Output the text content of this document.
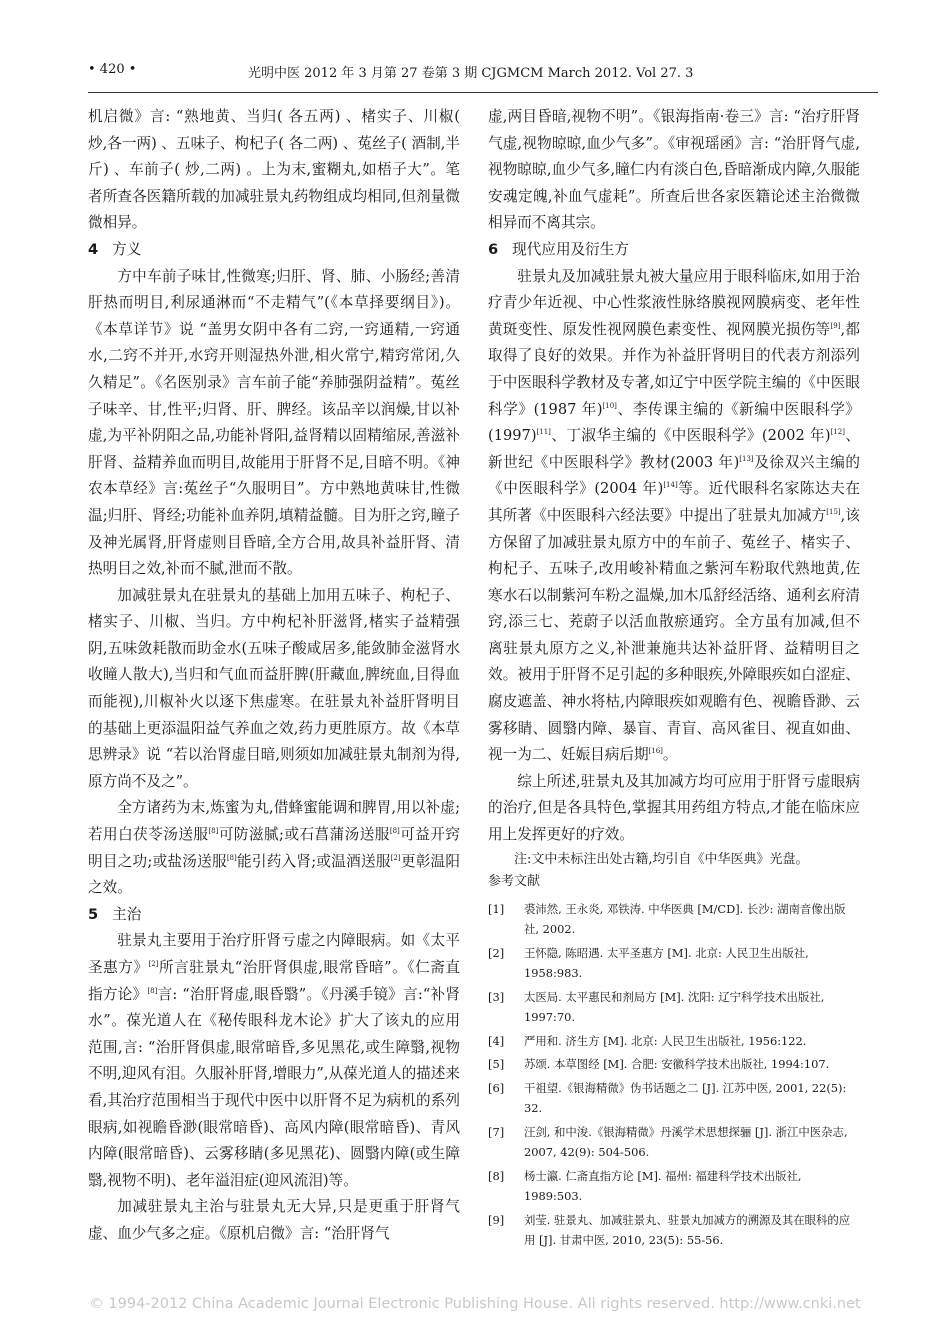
• 420 •	光明中医 2012 年 3 月第 27 卷第 3 期 CJGMCM March 2012. Vol 27. 3

机启微》言: “熟地黄、当归( 各五两) 、楮实子、川椒( 炒,各一两) 、五味子、枸杞子( 各二两) 、菟丝子( 酒制,半斤) 、车前子( 炒,二两) 。上为末,蜜糊丸,如梧子大”。笔者所查各医籍所载的加减驻景丸药物组成均相同,但剂量微微相异。

4 方义

方中车前子味甘,性微寒;归肝、肾、肺、小肠经;善清肝热而明目,利尿通淋而“不走精气”(《本草择要纲目》)。《本草详节》说 “盖男女阴中各有二窍,一窍通精,一窍通水,二窍不并开,水窍开则湿热外泄,相火常宁,精窍常闭,久久精足”。《名医别录》言车前子能“养肺强阴益精”。菟丝子味辛、甘,性平;归肾、肝、脾经。该品辛以润燥,甘以补虚,为平补阴阳之品,功能补肾阳,益肾精以固精缩尿,善滋补肝肾、益精养血而明目,故能用于肝肾不足,目暗不明。《神农本草经》言:菟丝子“久服明目”。方中熟地黄味甘,性微温;归肝、肾经;功能补血养阴,填精益髓。目为肝之窍,瞳子及神光属肾,肝肾虚则目昏暗,全方合用,故具补益肝肾、清热明目之效,补而不腻,泄而不散。

加减驻景丸在驻景丸的基础上加用五味子、枸杞子、楮实子、川椒、当归。方中枸杞补肝滋肾,楮实子益精强阴,五味敛耗散而助金水(五味子酸咸居多,能敛肺金滋肾水收瞳人散大),当归和气血而益肝脾(肝藏血,脾统血,目得血而能视),川椒补火以逐下焦虚寒。在驻景丸补益肝肾明目的基础上更添温阳益气养血之效,药力更胜原方。故《本草思辨录》说 “若以治肾虚目暗,则须如加减驻景丸制剂为得,原方尚不及之”。

全方诸药为末,炼蜜为丸,借蜂蜜能调和脾胃,用以补虚;若用白茯苓汤送服[8]可防滋腻;或石菖蒲汤送服[8]可益开窍明目之功;或盐汤送服[8]能引药入肾;或温酒送服[2]更彰温阳之效。

5 主治

驻景丸主要用于治疗肝肾亏虚之内障眼病。如《太平圣惠方》[2]所言驻景丸“治肝肾俱虚,眼常昏暗”。《仁斋直指方论》[8]言: “治肝肾虚,眼昏翳”。《丹溪手镜》言:“补肾水”。葆光道人在《秘传眼科龙木论》扩大了该丸的应用范围,言: “治肝肾俱虚,眼常暗昏,多见黑花,或生障翳,视物不明,迎风有泪。久服补肝肾,增眼力”,从葆光道人的描述来看,其治疗范围相当于现代中医中以肝肾不足为病机的系列眼病,如视瞻昏渺(眼常暗昏)、高风内障(眼常暗昏)、青风内障(眼常暗昏)、云雾移睛(多见黑花)、圆翳内障(或生障翳,视物不明)、老年溢泪症(迎风流泪)等。

加减驻景丸主治与驻景丸无大异,只是更重于肝肾气虚、血少气多之症。《原机启微》言: “治肝肾气

虚,两目昏暗,视物不明”。《银海指南·卷三》言: “治疗肝肾气虚,视物晾晾,血少气多”。《审视瑶函》言: “治肝肾气虚,视物晾晾,血少气多,瞳仁内有淡白色,昏暗渐成内障,久服能安魂定魄,补血气虚耗”。所查后世各家医籍论述主治微微相异而不离其宗。

6 现代应用及衍生方

驻景丸及加减驻景丸被大量应用于眼科临床,如用于治疗青少年近视、中心性浆液性脉络膜视网膜病变、老年性黄斑变性、原发性视网膜色素变性、视网膜光损伤等[9],都取得了良好的效果。并作为补益肝肾明目的代表方剂添列于中医眼科学教材及专著,如辽宁中医学院主编的《中医眼科学》(1987 年)[10]、李传课主编的《新编中医眼科学》(1997)[11]、丁淑华主编的《中医眼科学》(2002 年)[12]、新世纪《中医眼科学》教材(2003 年)[13]及徐双兴主编的《中医眼科学》(2004 年)[14]等。近代眼科名家陈达夫在其所著《中医眼科六经法要》中提出了驻景丸加减方[15],该方保留了加减驻景丸原方中的车前子、菟丝子、楮实子、枸杞子、五味子,改用峻补精血之紫河车粉取代熟地黄,佐寒水石以制紫河车粉之温燥,加木瓜舒经活络、通利玄府清窍,添三七、茺蔚子以活血散瘀通窍。全方虽有加减,但不离驻景丸原方之义,补泄兼施共达补益肝肾、益精明目之效。被用于肝肾不足引起的多种眼疾,外障眼疾如白涩症、腐皮遮盖、神水将枯,内障眼疾如观瞻有色、视瞻昏渺、云雾移睛、圆翳内障、暴盲、青盲、高风雀目、视直如曲、视一为二、妊娠目病后期[16]。

综上所述,驻景丸及其加减方均可应用于肝肾亏虚眼病的治疗,但是各具特色,掌握其用药组方特点,才能在临床应用上发挥更好的疗效。

注:文中未标注出处古籍,均引自《中华医典》光盘。

参考文献
[1] 裘沛然, 王永炎, 邓铁涛. 中华医典 [M/CD]. 长沙: 湖南音像出版社, 2002.
[2] 王怀隐, 陈昭遇. 太平圣惠方 [M]. 北京: 人民卫生出版社, 1958:983.
[3] 太医局. 太平惠民和剂局方 [M]. 沈阳: 辽宁科学技术出版社, 1997:70.
[4] 严用和. 济生方 [M]. 北京: 人民卫生出版社, 1956:122.
[5] 苏颂. 本草图经 [M]. 合肥: 安徽科学技术出版社, 1994:107.
[6] 干祖望.《银海精微》伪书话题之二 [J]. 江苏中医, 2001, 22(5): 32.
[7] 汪剑, 和中浚.《银海精微》丹溪学术思想探骊 [J]. 浙江中医杂志, 2007, 42(9): 504-506.
[8] 杨士瀛. 仁斋直指方论 [M]. 福州: 福建科学技术出版社, 1989:503.
[9] 刘莹. 驻景丸、加减驻景丸、驻景丸加减方的溯源及其在眼科的应用 [J]. 甘肃中医, 2010, 23(5): 55-56.
© 1994-2012 China Academic Journal Electronic Publishing House. All rights reserved. http://www.cnki.net
